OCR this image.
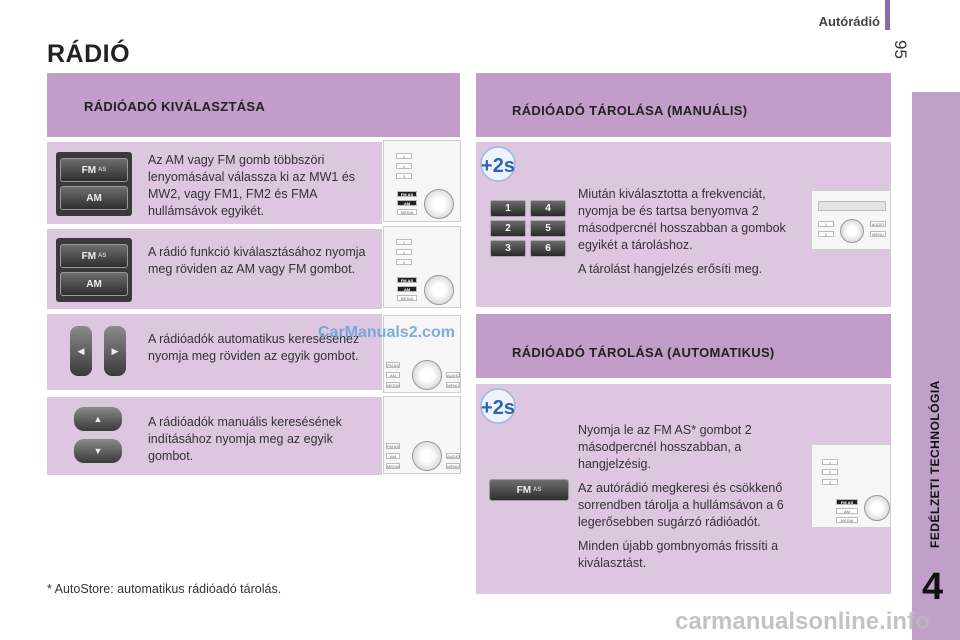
Autórádió
95
RÁDIÓ
FEDÉLZETI TECHNOLÓGIA
4
RÁDIÓADÓ KIVÁLASZTÁSA
FM AS
AM
Az AM vagy FM gomb többszöri lenyomásával válassza ki az MW1 és MW2, vagy FM1, FM2 és FMA hullámsávok egyikét.
1
2
3
FM AS
AM
MEDIA
FM AS
AM
A rádió funkció kiválasztásához nyomja meg röviden az AM vagy FM gombot.
1
2
3
FM AS
AM
MEDIA
◀	▶
A rádióadók automatikus kereséséhez nyomja meg röviden az egyik gombot.
FM AS
AM
MEDIA
AUDIO
MENU
▲
▼
A rádióadók manuális keresésének indításához nyomja meg az egyik gombot.
FM AS
AM
MEDIA
AUDIO
MENU
RÁDIÓADÓ TÁROLÁSA (MANUÁLIS)
+2s
1	4
2	5
3	6

Miután kiválasztotta a frekvenciát, nyomja be és tartsa benyomva 2 másodpercnél hosszabban a gombok egyikét a tároláshoz.

A tárolást hangjelzés erősíti meg.

1
2
AUDIO
MENU
RÁDIÓADÓ TÁROLÁSA (AUTOMATIKUS)
+2s
FM AS

Nyomja le az FM AS* gombot 2 másodpercnél hosszabban, a hangjelzésig.

Az autórádió megkeresi és csökkenő sorrendben tárolja a hullámsávon a 6 legerősebben sugárzó rádióadót.

Minden újabb gombnyomás frissíti a kiválasztást.

1
2
3
FM AS
AM
MEDIA
* AutoStore: automatikus rádióadó tárolás.
CarManuals2.com
carmanualsonline.info
